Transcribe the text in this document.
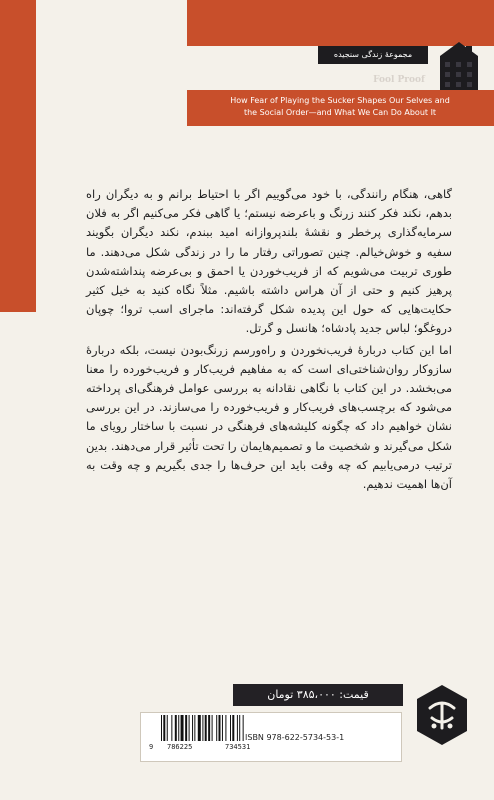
مجموعهٔ زندگی سنجیده
Fool Proof
How Fear of Playing the Sucker Shapes Our Selves and
the Social Order—and What We Can Do About It

گاهی، هنگام رانندگی، با خود می‌گوییم اگر با احتیاط برانم و به دیگران راه بدهم، نکند فکر کنند زرنگ و باعرضه نیستم؛ یا گاهی فکر می‌کنیم اگر به فلان سرمایه‌گذاری پرخطر و نقشهٔ بلندپروازانه امید ببندم، نکند دیگران بگویند سفیه و خوش‌خیالم. چنین تصوراتی رفتار ما را در زندگی شکل می‌دهند. ما طوری تربیت می‌شویم که از فریب‌خوردن یا احمق و بی‌عرضه پنداشته‌شدن پرهیز کنیم و حتی از آن هراس داشته باشیم. مثلاً نگاه کنید به خیل کثیر حکایت‌هایی که حول این پدیده شکل گرفته‌اند: ماجرای اسب تروا؛ چوپان دروغگو؛ لباس جدید پادشاه؛ هانسل و گرتل.

اما این کتاب دربارهٔ فریب‌نخوردن و راه‌ورسم زرنگ‌بودن نیست، بلکه دربارهٔ سازوکار روان‌شناختی‌ای است که به مفاهیم فریب‌کار و فریب‌خورده را معنا می‌بخشد. در این کتاب با نگاهی نقادانه به بررسی عوامل فرهنگی‌ای پرداخته می‌شود که برچسب‌های فریب‌کار و فریب‌خورده را می‌سازند. در این بررسی نشان خواهیم داد که چگونه کلیشه‌های فرهنگی در نسبت با ساختار رویای ما شکل می‌گیرند و شخصیت ما و تصمیم‌هایمان را تحت تأثیر قرار می‌دهند. بدین ترتیب درمی‌یابیم که چه وقت باید این حرف‌ها را جدی بگیریم و چه وقت به آن‌ها اهمیت ندهیم.

قیمت: ۳۸۵،۰۰۰ تومان
9 786225	734531
ISBN 978-622-5734-53-1
